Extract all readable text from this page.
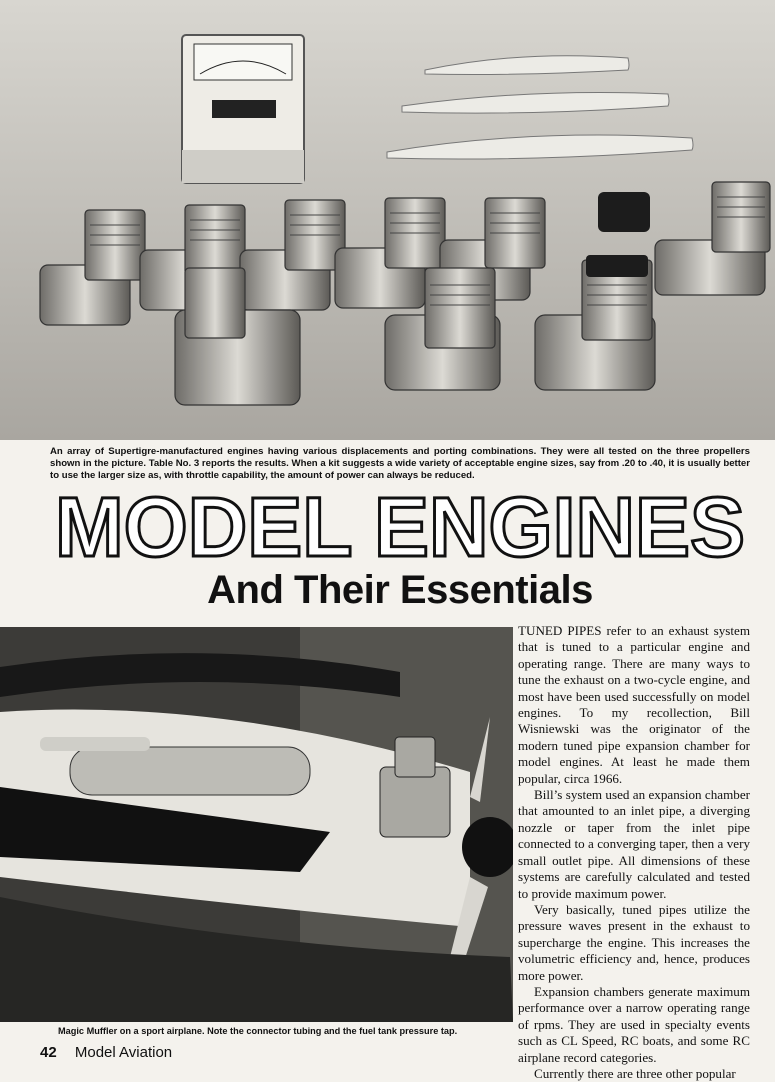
An array of Supertigre-manufactured engines having various displacements and porting combinations. They were all tested on the three propellers shown in the picture. Table No. 3 reports the results. When a kit suggests a wide variety of acceptable engine sizes, say from .20 to .40, it is usually better to use the larger size as, with throttle capability, the amount of power can always be reduced.
MODEL ENGINES
And Their Essentials
Magic Muffler on a sport airplane. Note the connector tubing and the fuel tank pressure tap.

TUNED PIPES refer to an exhaust system that is tuned to a particular engine and operating range. There are many ways to tune the exhaust on a two-cycle engine, and most have been used successfully on model engines. To my recollection, Bill Wisniewski was the originator of the modern tuned pipe expansion chamber for model engines. At least he made them popular, circa 1966.

Bill’s system used an expansion chamber that amounted to an inlet pipe, a diverging nozzle or taper from the inlet pipe connected to a converging taper, then a very small outlet pipe. All dimensions of these systems are carefully calculated and tested to provide maximum power.

Very basically, tuned pipes utilize the pressure waves present in the exhaust to supercharge the engine. This increases the volumetric efficiency and, hence, produces more power.

Expansion chambers generate maximum performance over a narrow operating range of rpms. They are used in specialty events such as CL Speed, RC boats, and some RC airplane record categories.

Currently there are three other popular

42 Model Aviation
